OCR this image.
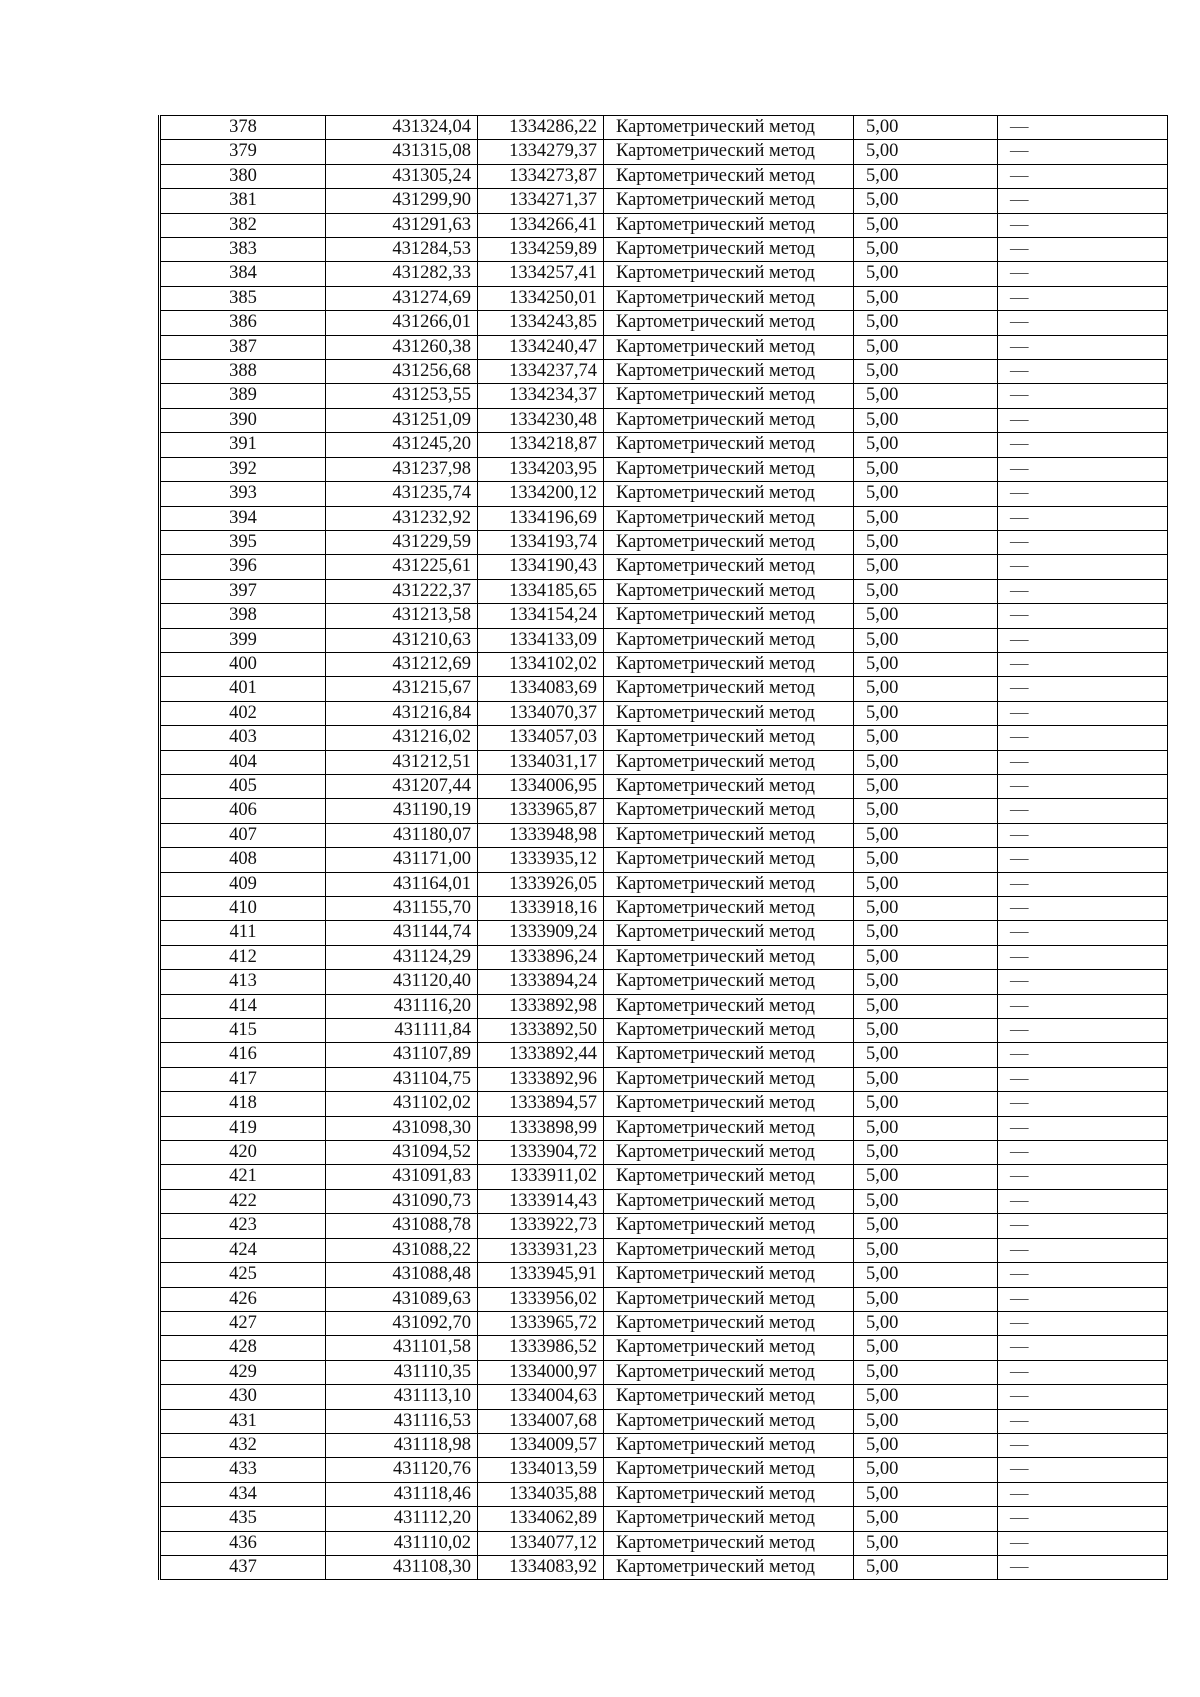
378	431324,04	1334286,22	Картометрический метод	5,00	—
379	431315,08	1334279,37	Картометрический метод	5,00	—
380	431305,24	1334273,87	Картометрический метод	5,00	—
381	431299,90	1334271,37	Картометрический метод	5,00	—
382	431291,63	1334266,41	Картометрический метод	5,00	—
383	431284,53	1334259,89	Картометрический метод	5,00	—
384	431282,33	1334257,41	Картометрический метод	5,00	—
385	431274,69	1334250,01	Картометрический метод	5,00	—
386	431266,01	1334243,85	Картометрический метод	5,00	—
387	431260,38	1334240,47	Картометрический метод	5,00	—
388	431256,68	1334237,74	Картометрический метод	5,00	—
389	431253,55	1334234,37	Картометрический метод	5,00	—
390	431251,09	1334230,48	Картометрический метод	5,00	—
391	431245,20	1334218,87	Картометрический метод	5,00	—
392	431237,98	1334203,95	Картометрический метод	5,00	—
393	431235,74	1334200,12	Картометрический метод	5,00	—
394	431232,92	1334196,69	Картометрический метод	5,00	—
395	431229,59	1334193,74	Картометрический метод	5,00	—
396	431225,61	1334190,43	Картометрический метод	5,00	—
397	431222,37	1334185,65	Картометрический метод	5,00	—
398	431213,58	1334154,24	Картометрический метод	5,00	—
399	431210,63	1334133,09	Картометрический метод	5,00	—
400	431212,69	1334102,02	Картометрический метод	5,00	—
401	431215,67	1334083,69	Картометрический метод	5,00	—
402	431216,84	1334070,37	Картометрический метод	5,00	—
403	431216,02	1334057,03	Картометрический метод	5,00	—
404	431212,51	1334031,17	Картометрический метод	5,00	—
405	431207,44	1334006,95	Картометрический метод	5,00	—
406	431190,19	1333965,87	Картометрический метод	5,00	—
407	431180,07	1333948,98	Картометрический метод	5,00	—
408	431171,00	1333935,12	Картометрический метод	5,00	—
409	431164,01	1333926,05	Картометрический метод	5,00	—
410	431155,70	1333918,16	Картометрический метод	5,00	—
411	431144,74	1333909,24	Картометрический метод	5,00	—
412	431124,29	1333896,24	Картометрический метод	5,00	—
413	431120,40	1333894,24	Картометрический метод	5,00	—
414	431116,20	1333892,98	Картометрический метод	5,00	—
415	431111,84	1333892,50	Картометрический метод	5,00	—
416	431107,89	1333892,44	Картометрический метод	5,00	—
417	431104,75	1333892,96	Картометрический метод	5,00	—
418	431102,02	1333894,57	Картометрический метод	5,00	—
419	431098,30	1333898,99	Картометрический метод	5,00	—
420	431094,52	1333904,72	Картометрический метод	5,00	—
421	431091,83	1333911,02	Картометрический метод	5,00	—
422	431090,73	1333914,43	Картометрический метод	5,00	—
423	431088,78	1333922,73	Картометрический метод	5,00	—
424	431088,22	1333931,23	Картометрический метод	5,00	—
425	431088,48	1333945,91	Картометрический метод	5,00	—
426	431089,63	1333956,02	Картометрический метод	5,00	—
427	431092,70	1333965,72	Картометрический метод	5,00	—
428	431101,58	1333986,52	Картометрический метод	5,00	—
429	431110,35	1334000,97	Картометрический метод	5,00	—
430	431113,10	1334004,63	Картометрический метод	5,00	—
431	431116,53	1334007,68	Картометрический метод	5,00	—
432	431118,98	1334009,57	Картометрический метод	5,00	—
433	431120,76	1334013,59	Картометрический метод	5,00	—
434	431118,46	1334035,88	Картометрический метод	5,00	—
435	431112,20	1334062,89	Картометрический метод	5,00	—
436	431110,02	1334077,12	Картометрический метод	5,00	—
437	431108,30	1334083,92	Картометрический метод	5,00	—
